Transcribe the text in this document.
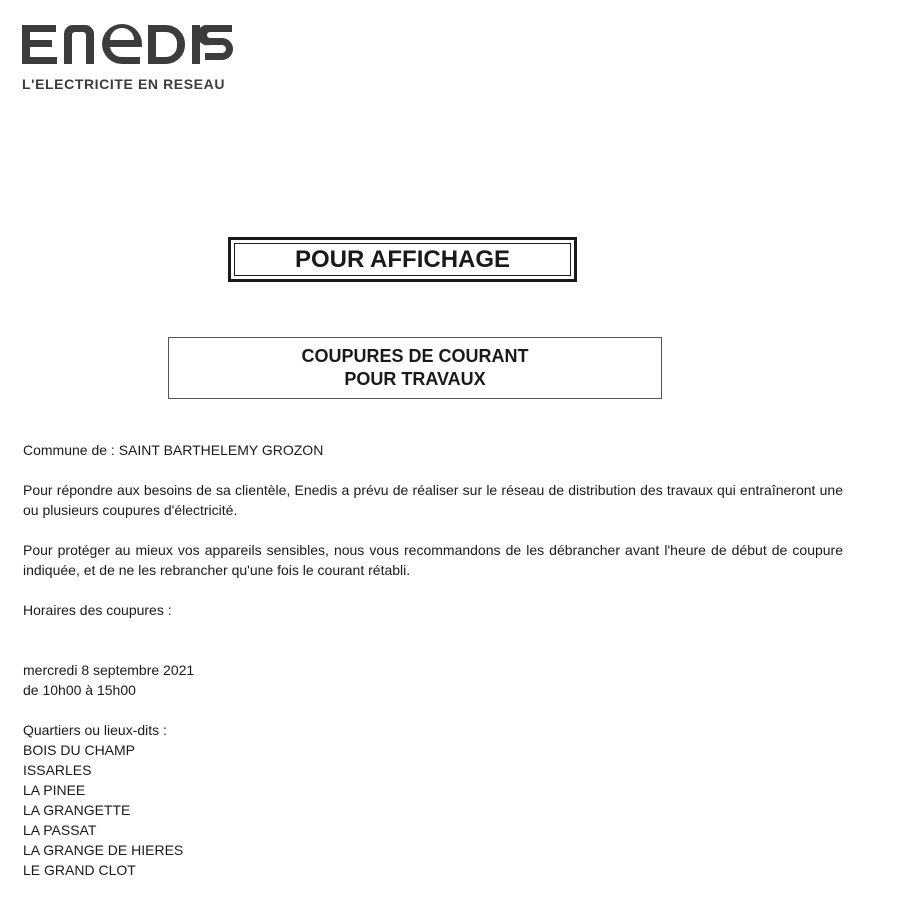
L'ELECTRICITE EN RESEAU
POUR AFFICHAGE
COUPURES DE COURANT
POUR TRAVAUX

Commune de : SAINT BARTHELEMY GROZON

Pour répondre aux besoins de sa clientèle, Enedis a prévu de réaliser sur le réseau de distribution des travaux qui entraîneront une ou plusieurs coupures d'électricité.

Pour protéger au mieux vos appareils sensibles, nous vous recommandons de les débrancher avant l'heure de début de coupure indiquée, et de ne les rebrancher qu'une fois le courant rétabli.

Horaires des coupures :

mercredi 8 septembre 2021

de 10h00 à 15h00

Quartiers ou lieux-dits :

BOIS DU CHAMP
ISSARLES
LA PINEE
LA GRANGETTE
LA PASSAT
LA GRANGE DE HIERES
LE GRAND CLOT
